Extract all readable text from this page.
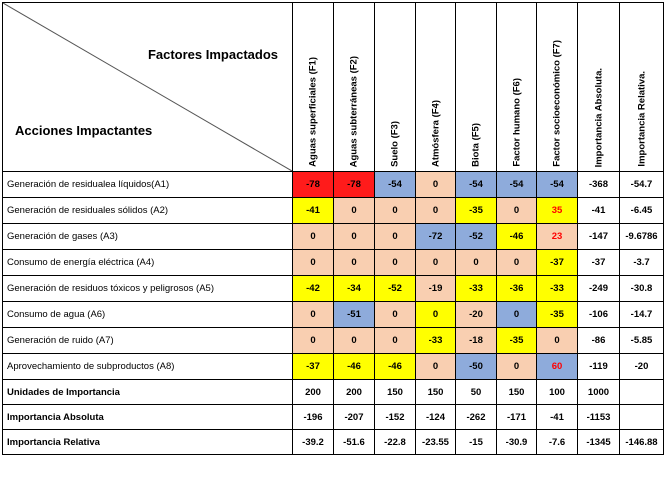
Factores Impactados
Acciones Impactantes	Aguas superficiales (F1)	Aguas subterráneas (F2)	Suelo (F3)	Atmósfera (F4)	Biota (F5)	Factor humano (F6)	Factor socioeconómico (F7)	Importancia Absoluta.	Importancia Relativa.

Generación de residualea líquidos(A1)	-78	-78	-54	0	-54	-54	-54	-368	-54.7
Generación de residuales sólidos (A2)	-41	0	0	0	-35	0	35	-41	-6.45
Generación de gases (A3)	0	0	0	-72	-52	-46	23	-147	-9.6786
Consumo de energía eléctrica (A4)	0	0	0	0	0	0	-37	-37	-3.7
Generación de residuos tóxicos y peligrosos (A5)	-42	-34	-52	-19	-33	-36	-33	-249	-30.8
Consumo de agua (A6)	0	-51	0	0	-20	0	-35	-106	-14.7
Generación de ruido (A7)	0	0	0	-33	-18	-35	0	-86	-5.85
Aprovechamiento de subproductos (A8)	-37	-46	-46	0	-50	0	60	-119	-20
Unidades de Importancia	200	200	150	150	50	150	100	1000	
Importancia Absoluta	-196	-207	-152	-124	-262	-171	-41	-1153	
Importancia Relativa	-39.2	-51.6	-22.8	-23.55	-15	-30.9	-7.6	-1345	-146.88
